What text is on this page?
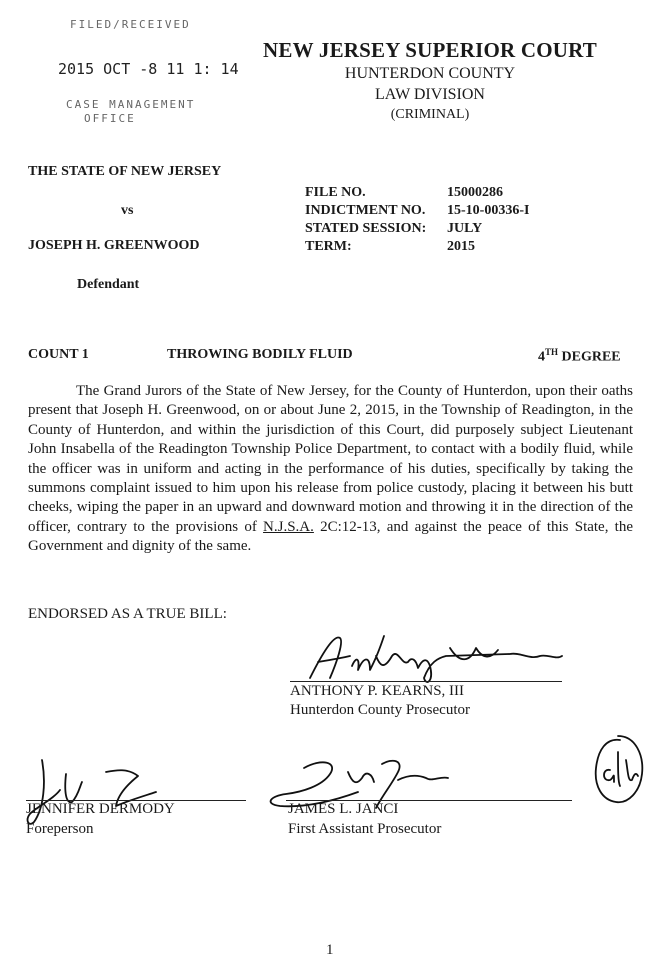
FILED/RECEIVED
2015 OCT -8 11 1: 14
CASE MANAGEMENT
OFFICE
NEW JERSEY SUPERIOR COURT
HUNTERDON COUNTY
LAW DIVISION
(CRIMINAL)
THE STATE OF NEW JERSEY
vs
JOSEPH H. GREENWOOD
Defendant
FILE NO.	15000286
INDICTMENT NO. 15-10-00336-I
STATED SESSION: JULY
TERM:	2015
COUNT 1	THROWING BODILY FLUID	4TH DEGREE
The Grand Jurors of the State of New Jersey, for the County of Hunterdon, upon their oaths present that Joseph H. Greenwood, on or about June 2, 2015, in the Township of Readington, in the County of Hunterdon, and within the jurisdiction of this Court, did purposely subject Lieutenant John Insabella of the Readington Township Police Department, to contact with a bodily fluid, while the officer was in uniform and acting in the performance of his duties, specifically by taking the summons complaint issued to him upon his release from police custody, placing it between his butt cheeks, wiping the paper in an upward and downward motion and throwing it in the direction of the officer, contrary to the provisions of N.J.S.A. 2C:12-13, and against the peace of this State, the Government and dignity of the same.
ENDORSED AS A TRUE BILL:
ANTHONY P. KEARNS, III
Hunterdon County Prosecutor
JENNIFER DERMODY
Foreperson
JAMES L. JANCI
First Assistant Prosecutor
1
